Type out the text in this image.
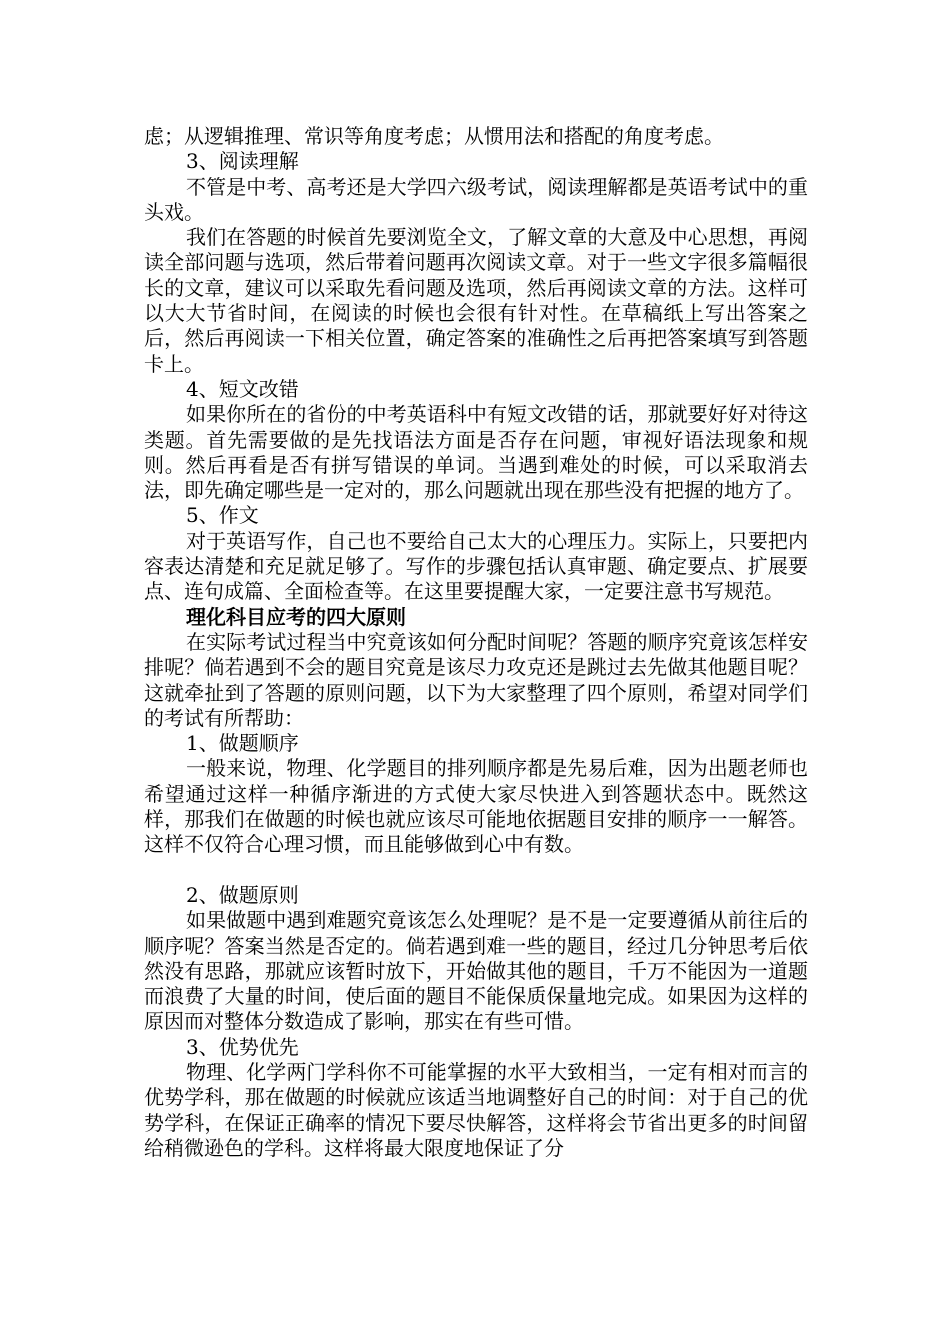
虑；从逻辑推理、常识等角度考虑；从惯用法和搭配的角度考虑。

3、阅读理解

不管是中考、高考还是大学四六级考试，阅读理解都是英语考试中的重头戏。

我们在答题的时候首先要浏览全文，了解文章的大意及中心思想，再阅读全部问题与选项，然后带着问题再次阅读文章。对于一些文字很多篇幅很长的文章，建议可以采取先看问题及选项，然后再阅读文章的方法。这样可以大大节省时间，在阅读的时候也会很有针对性。在草稿纸上写出答案之后，然后再阅读一下相关位置，确定答案的准确性之后再把答案填写到答题卡上。

4、短文改错

如果你所在的省份的中考英语科中有短文改错的话，那就要好好对待这类题。首先需要做的是先找语法方面是否存在问题，审视好语法现象和规则。然后再看是否有拼写错误的单词。当遇到难处的时候，可以采取消去法，即先确定哪些是一定对的，那么问题就出现在那些没有把握的地方了。

5、作文

对于英语写作，自己也不要给自己太大的心理压力。实际上，只要把内容表达清楚和充足就足够了。写作的步骤包括认真审题、确定要点、扩展要点、连句成篇、全面检查等。在这里要提醒大家，一定要注意书写规范。

理化科目应考的四大原则

在实际考试过程当中究竟该如何分配时间呢？答题的顺序究竟该怎样安排呢？倘若遇到不会的题目究竟是该尽力攻克还是跳过去先做其他题目呢？这就牵扯到了答题的原则问题，以下为大家整理了四个原则，希望对同学们的考试有所帮助：

1、做题顺序

一般来说，物理、化学题目的排列顺序都是先易后难，因为出题老师也希望通过这样一种循序渐进的方式使大家尽快进入到答题状态中。既然这样，那我们在做题的时候也就应该尽可能地依据题目安排的顺序一一解答。这样不仅符合心理习惯，而且能够做到心中有数。

2、做题原则

如果做题中遇到难题究竟该怎么处理呢？是不是一定要遵循从前往后的顺序呢？答案当然是否定的。倘若遇到难一些的题目，经过几分钟思考后依然没有思路，那就应该暂时放下，开始做其他的题目，千万不能因为一道题而浪费了大量的时间，使后面的题目不能保质保量地完成。如果因为这样的原因而对整体分数造成了影响，那实在有些可惜。

3、优势优先

物理、化学两门学科你不可能掌握的水平大致相当，一定有相对而言的优势学科，那在做题的时候就应该适当地调整好自己的时间：对于自己的优势学科，在保证正确率的情况下要尽快解答，这样将会节省出更多的时间留给稍微逊色的学科。这样将最大限度地保证了分
